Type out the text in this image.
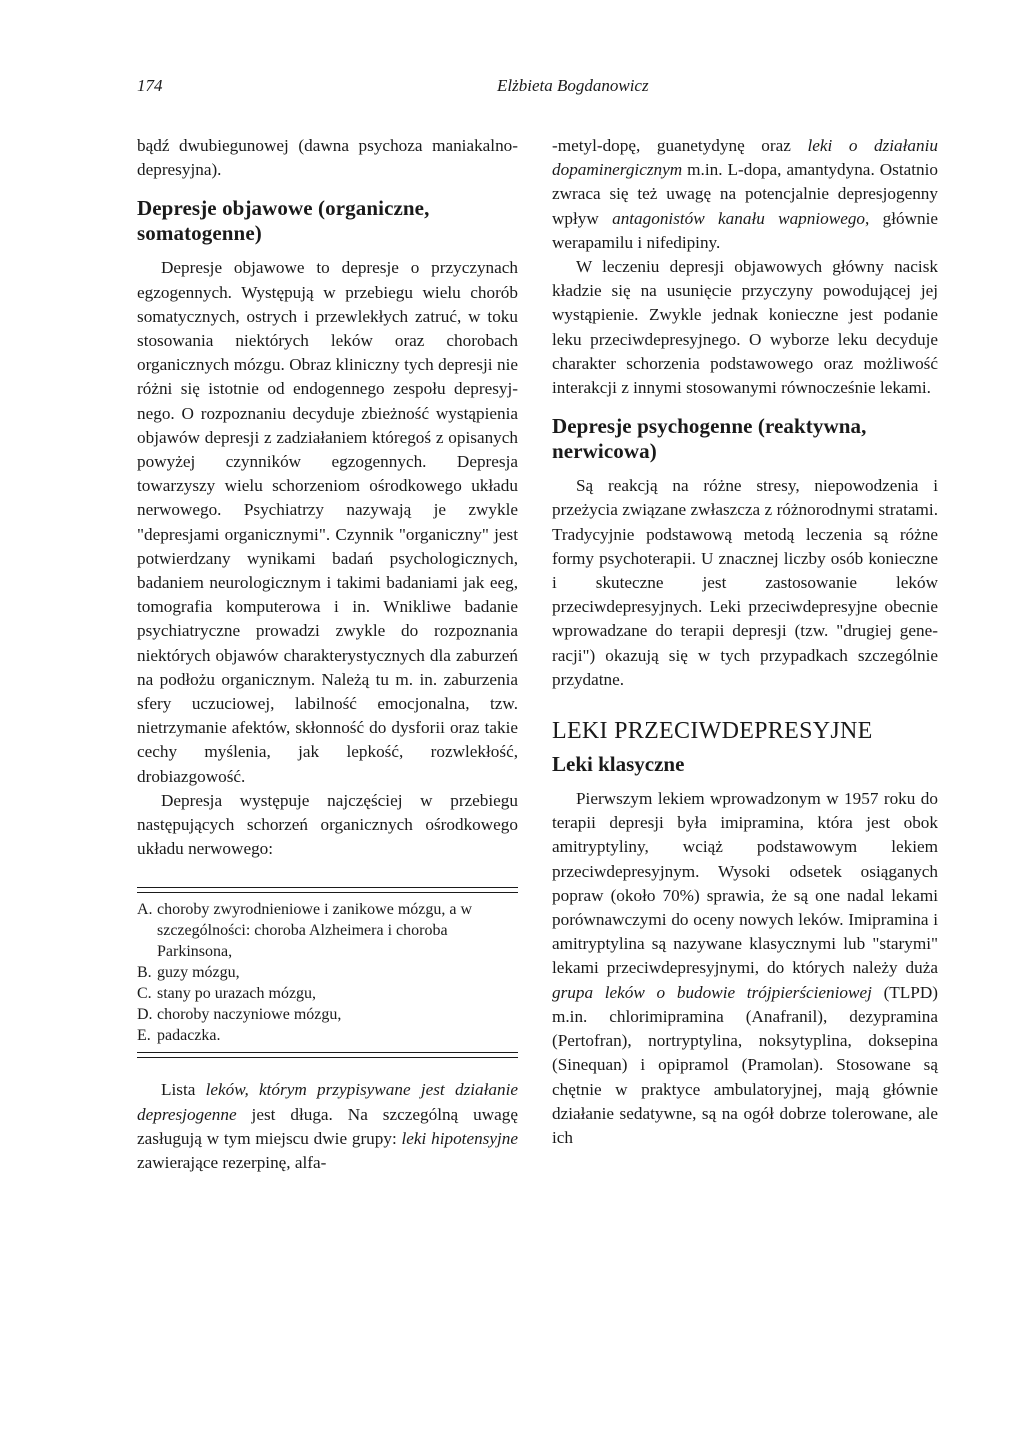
174	Elżbieta Bogdanowicz

bądź dwubiegunowej (dawna psychoza maniakalno-depresyjna).

Depresje objawowe (organiczne, somatogenne)

Depresje objawowe to depresje o przyczynach egzogennych. Występują w przebiegu wielu chorób somatycznych, ostrych i przewlekłych zatruć, w toku stosowania niektórych leków oraz chorobach organicznych mózgu. Obraz kliniczny tych depresji nie różni się istotnie od endogennego zespołu depresyjnego. O rozpoznaniu decyduje zbieżność wystąpienia objawów depresji z zadziałaniem któregoś z opisanych powyżej czynników egzogennych. Depresja towarzyszy wielu schorzeniom ośrodkowego układu nerwowego. Psychiatrzy nazywają je zwykle "depresjami organicznymi". Czynnik "organiczny" jest potwierdzany wynikami badań psychologicznych, badaniem neurologicznym i takimi badaniami jak eeg, tomografia komputerowa i in. Wnikliwe badanie psychiatryczne prowadzi zwykle do rozpoznania niektórych objawów charakterystycznych dla zaburzeń na podłożu organicznym. Należą tu m. in. zaburzenia sfery uczuciowej, labilność emocjonalna, tzw. nietrzymanie afektów, skłonność do dysforii oraz takie cechy myślenia, jak lepkość, rozwlekłość, drobiazgowość.

Depresja występuje najczęściej w przebiegu następujących schorzeń organicznych ośrodkowego układu nerwowego:

A. choroby zwyrodnieniowe i zanikowe mózgu, a w szczególności: choroba Alzheimera i choroba Parkinsona,
B. guzy mózgu,
C. stany po urazach mózgu,
D. choroby naczyniowe mózgu,
E. padaczka.

Lista leków, którym przypisywane jest działanie depresjogenne jest długa. Na szczególną uwagę zasługują w tym miejscu dwie grupy: leki hipotensyjne zawierające rezerpinę, alfa-

-metyl-dopę, guanetydynę oraz leki o działaniu dopaminergicznym m.in. L-dopa, amantydyna. Ostatnio zwraca się też uwagę na potencjalnie depresjogenny wpływ antagonistów kanału wapniowego, głównie werapamilu i nifedipiny.

W leczeniu depresji objawowych główny nacisk kładzie się na usunięcie przyczyny powodującej jej wystąpienie. Zwykle jednak konieczne jest podanie leku przeciwdepresyjnego. O wyborze leku decyduje charakter schorzenia podstawowego oraz możliwość interakcji z innymi stosowanymi równocześnie lekami.

Depresje psychogenne (reaktywna, nerwicowa)

Są reakcją na różne stresy, niepowodzenia i przeżycia związane zwłaszcza z różnorodnymi stratami. Tradycyjnie podstawową metodą leczenia są różne formy psychoterapii. U znacznej liczby osób konieczne i skuteczne jest zastosowanie leków przeciwdepresyjnych. Leki przeciwdepresyjne obecnie wprowadzane do terapii depresji (tzw. "drugiej generacji") okazują się w tych przypadkach szczególnie przydatne.

LEKI PRZECIWDEPRESYJNE
Leki klasyczne

Pierwszym lekiem wprowadzonym w 1957 roku do terapii depresji była imipramina, która jest obok amitryptyliny, wciąż podstawowym lekiem przeciwdepresyjnym. Wysoki odsetek osiąganych popraw (około 70%) sprawia, że są one nadal lekami porównawczymi do oceny nowych leków. Imipramina i amitryptylina są nazywane klasycznymi lub "starymi" lekami przeciwdepresyjnymi, do których należy duża grupa leków o budowie trójpierścieniowej (TLPD) m.in. chlorimipramina (Anafranil), dezypramina (Pertofran), nortryptylina, noksytyplina, doksepina (Sinequan) i opipramol (Pramolan). Stosowane są chętnie w praktyce ambulatoryjnej, mają głównie działanie sedatywne, są na ogół dobrze tolerowane, ale ich
